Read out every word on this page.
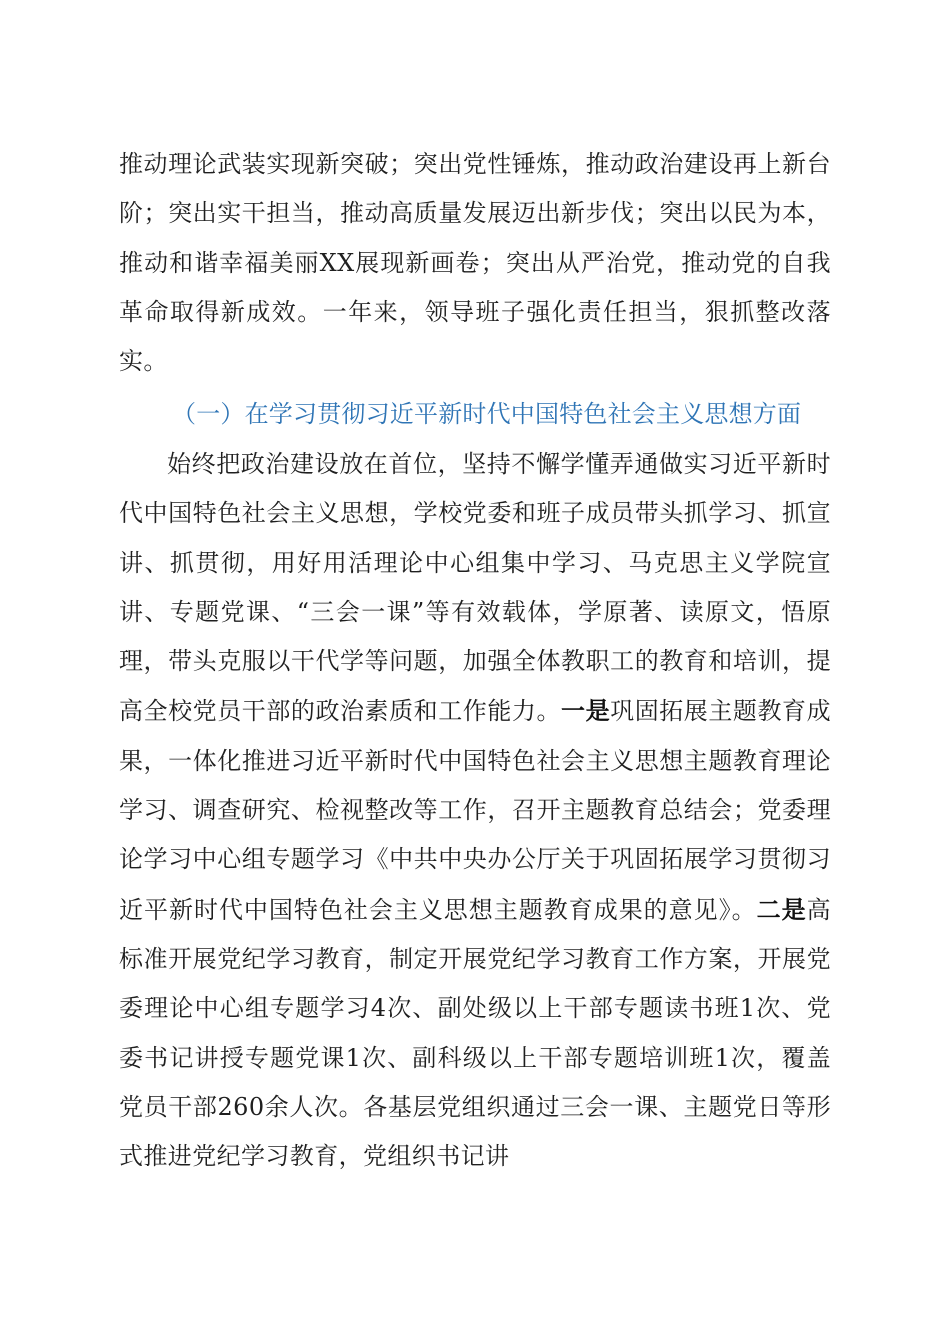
推动理论武装实现新突破；突出党性锤炼，推动政治建设再上新台阶；突出实干担当，推动高质量发展迈出新步伐；突出以民为本，推动和谐幸福美丽XX展现新画卷；突出从严治党，推动党的自我革命取得新成效。一年来，领导班子强化责任担当，狠抓整改落实。
（一）在学习贯彻习近平新时代中国特色社会主义思想方面
始终把政治建设放在首位，坚持不懈学懂弄通做实习近平新时代中国特色社会主义思想，学校党委和班子成员带头抓学习、抓宣讲、抓贯彻，用好用活理论中心组集中学习、马克思主义学院宣讲、专题党课、“三会一课”等有效载体，学原著、读原文，悟原理，带头克服以干代学等问题，加强全体教职工的教育和培训，提高全校党员干部的政治素质和工作能力。一是巩固拓展主题教育成果，一体化推进习近平新时代中国特色社会主义思想主题教育理论学习、调查研究、检视整改等工作，召开主题教育总结会；党委理论学习中心组专题学习《中共中央办公厅关于巩固拓展学习贯彻习近平新时代中国特色社会主义思想主题教育成果的意见》。二是高标准开展党纪学习教育，制定开展党纪学习教育工作方案，开展党委理论中心组专题学习4次、副处级以上干部专题读书班1次、党委书记讲授专题党课1次、副科级以上干部专题培训班1次，覆盖党员干部260余人次。各基层党组织通过三会一课、主题党日等形式推进党纪学习教育，党组织书记讲
